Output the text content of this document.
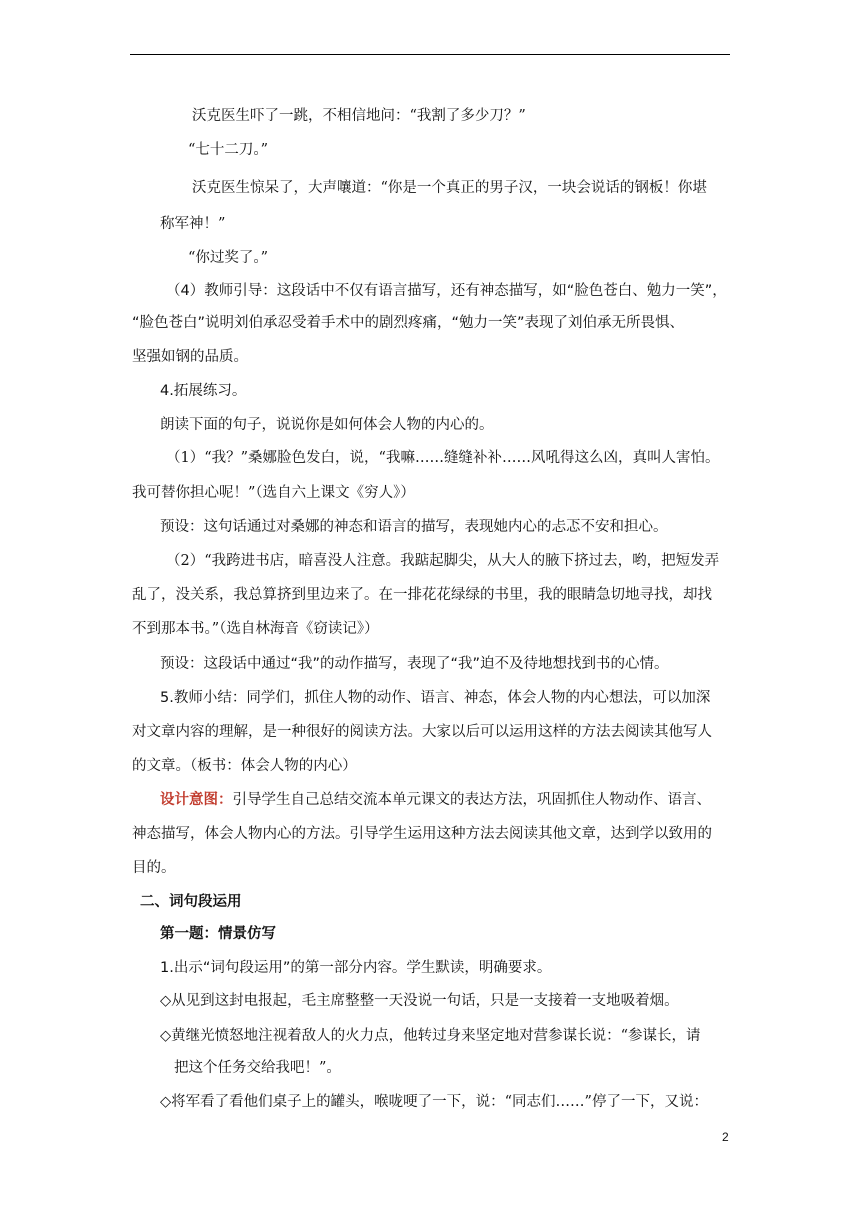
沃克医生吓了一跳，不相信地问：“我割了多少刀？”
“七十二刀。”
沃克医生惊呆了，大声嚷道：“你是一个真正的男子汉，一块会说话的钢板！你堪
称军神！”
“你过奖了。”
（4）教师引导：这段话中不仅有语言描写，还有神态描写，如“脸色苍白、勉力一笑”，
“脸色苍白”说明刘伯承忍受着手术中的剧烈疼痛，“勉力一笑”表现了刘伯承无所畏惧、
坚强如钢的品质。
4.拓展练习。
朗读下面的句子，说说你是如何体会人物的内心的。
（1）“我？”桑娜脸色发白，说，“我嘛……缝缝补补……风吼得这么凶，真叫人害怕。
我可替你担心呢！”（选自六上课文《穷人》）
预设：这句话通过对桑娜的神态和语言的描写，表现她内心的忐忑不安和担心。
（2）“我跨进书店，暗喜没人注意。我踮起脚尖，从大人的腋下挤过去，哟，把短发弄
乱了，没关系，我总算挤到里边来了。在一排花花绿绿的书里，我的眼睛急切地寻找，却找
不到那本书。”（选自林海音《窃读记》）
预设：这段话中通过“我”的动作描写，表现了“我”迫不及待地想找到书的心情。
5.教师小结：同学们，抓住人物的动作、语言、神态，体会人物的内心想法，可以加深
对文章内容的理解，是一种很好的阅读方法。大家以后可以运用这样的方法去阅读其他写人
的文章。（板书：体会人物的内心）
设计意图：引导学生自己总结交流本单元课文的表达方法，巩固抓住人物动作、语言、
神态描写，体会人物内心的方法。引导学生运用这种方法去阅读其他文章，达到学以致用的
目的。
二、词句段运用
第一题：情景仿写
1.出示“词句段运用”的第一部分内容。学生默读，明确要求。
◇从见到这封电报起，毛主席整整一天没说一句话，只是一支接着一支地吸着烟。
◇黄继光愤怒地注视着敌人的火力点，他转过身来坚定地对营参谋长说：“参谋长，请
把这个任务交给我吧！”。
◇将军看了看他们桌子上的罐头，喉咙哽了一下，说：“同志们……”停了一下，又说：
2
